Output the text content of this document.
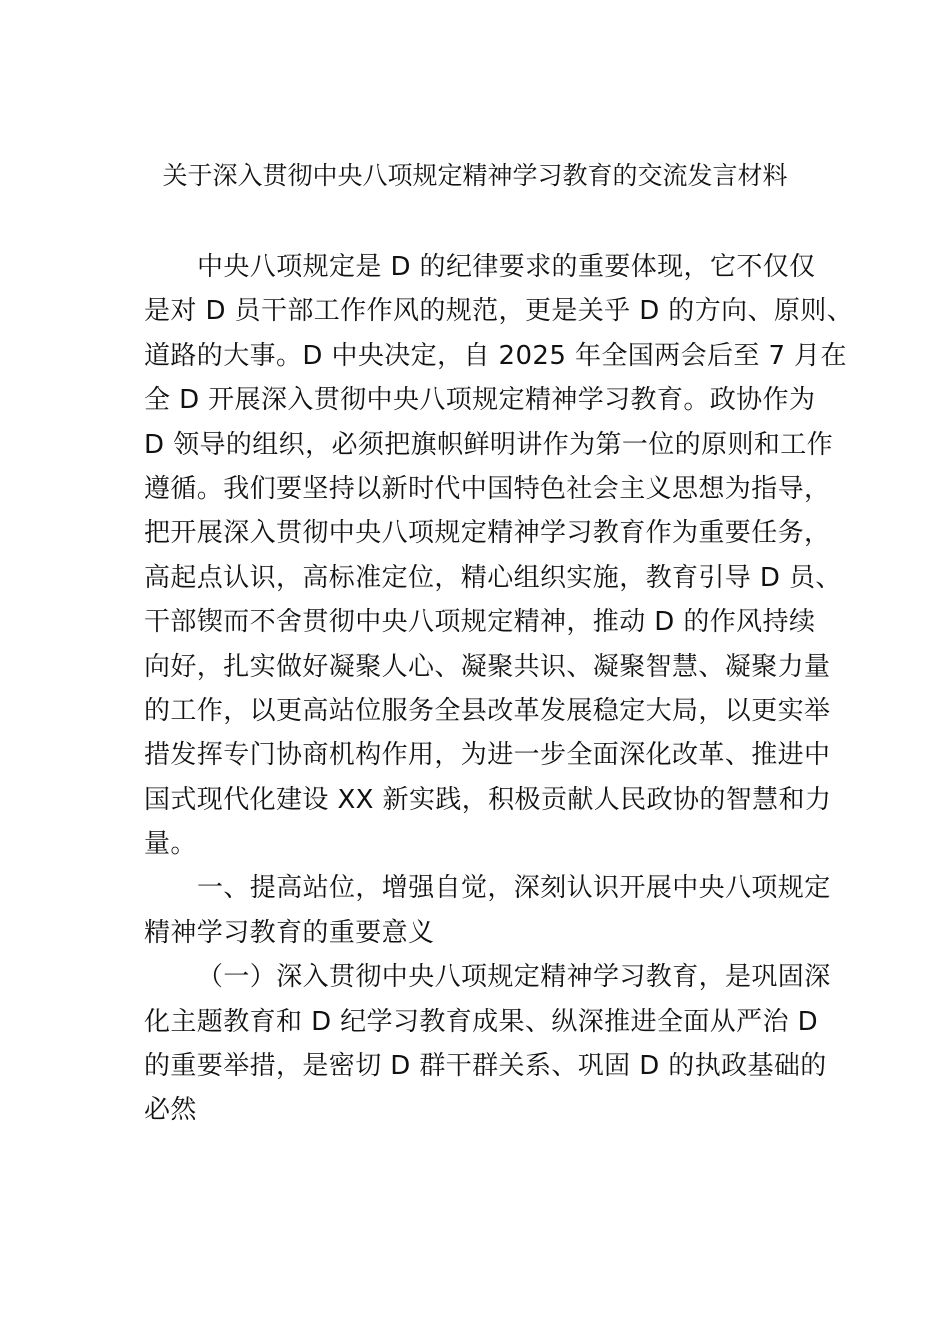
关于深入贯彻中央八项规定精神学习教育的交流发言材料
中央八项规定是 D 的纪律要求的重要体现，它不仅仅
是对 D 员干部工作作风的规范，更是关乎 D 的方向、原则、
道路的大事。D 中央决定，自 2025 年全国两会后至 7 月在
全 D 开展深入贯彻中央八项规定精神学习教育。政协作为
D 领导的组织，必须把旗帜鲜明讲作为第一位的原则和工作
遵循。我们要坚持以新时代中国特色社会主义思想为指导，
把开展深入贯彻中央八项规定精神学习教育作为重要任务，
高起点认识，高标准定位，精心组织实施，教育引导 D 员、
干部锲而不舍贯彻中央八项规定精神，推动 D 的作风持续
向好，扎实做好凝聚人心、凝聚共识、凝聚智慧、凝聚力量
的工作，以更高站位服务全县改革发展稳定大局，以更实举
措发挥专门协商机构作用，为进一步全面深化改革、推进中
国式现代化建设 XX 新实践，积极贡献人民政协的智慧和力
量。
一、提高站位，增强自觉，深刻认识开展中央八项规定
精神学习教育的重要意义
（一）深入贯彻中央八项规定精神学习教育，是巩固深
化主题教育和 D 纪学习教育成果、纵深推进全面从严治 D
的重要举措，是密切 D 群干群关系、巩固 D 的执政基础的
必然
